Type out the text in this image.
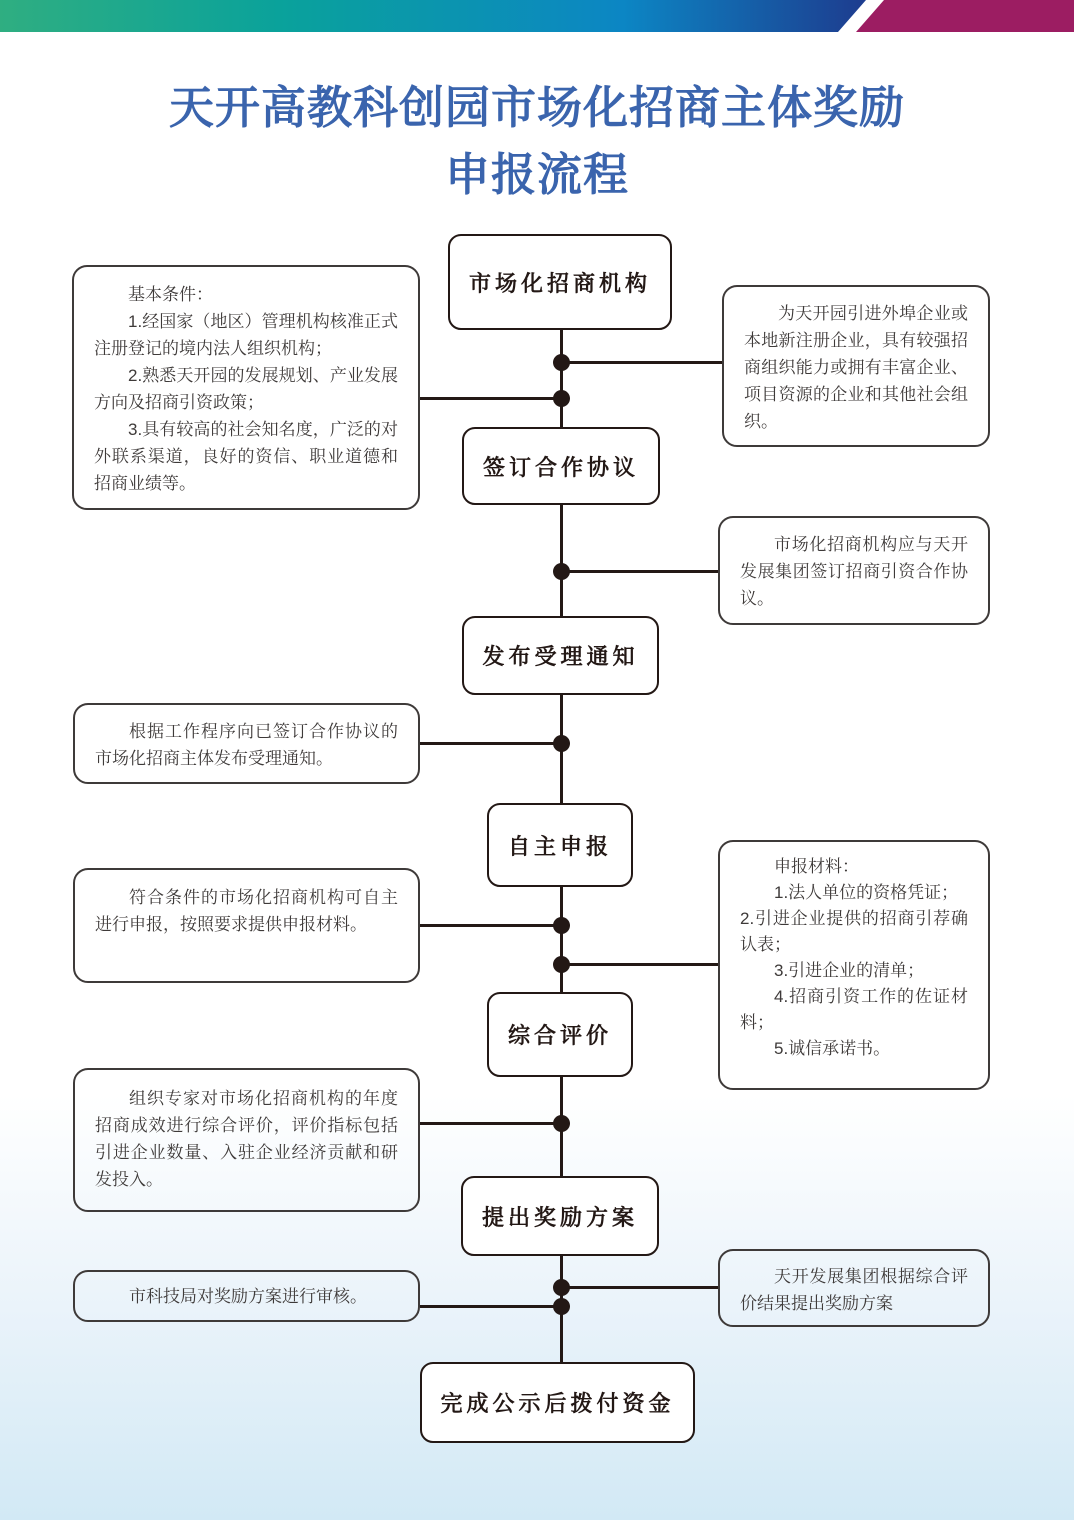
天开高教科创园市场化招商主体奖励
申报流程
市场化招商机构
签订合作协议
发布受理通知
自主申报
综合评价
提出奖励方案
完成公示后拨付资金

基本条件：

1.经国家（地区）管理机构核准正式注册登记的境内法人组织机构；

2.熟悉天开园的发展规划、产业发展方向及招商引资政策；

3.具有较高的社会知名度，广泛的对外联系渠道，良好的资信、职业道德和招商业绩等。

为天开园引进外埠企业或本地新注册企业，具有较强招商组织能力或拥有丰富企业、项目资源的企业和其他社会组织。

市场化招商机构应与天开发展集团签订招商引资合作协议。

根据工作程序向已签订合作协议的市场化招商主体发布受理通知。

符合条件的市场化招商机构可自主进行申报，按照要求提供申报材料。

申报材料：

1.法人单位的资格凭证；

2.引进企业提供的招商引荐确认表；

3.引进企业的清单；

4.招商引资工作的佐证材料；

5.诚信承诺书。

组织专家对市场化招商机构的年度招商成效进行综合评价，评价指标包括引进企业数量、入驻企业经济贡献和研发投入。

市科技局对奖励方案进行审核。

天开发展集团根据综合评价结果提出奖励方案
